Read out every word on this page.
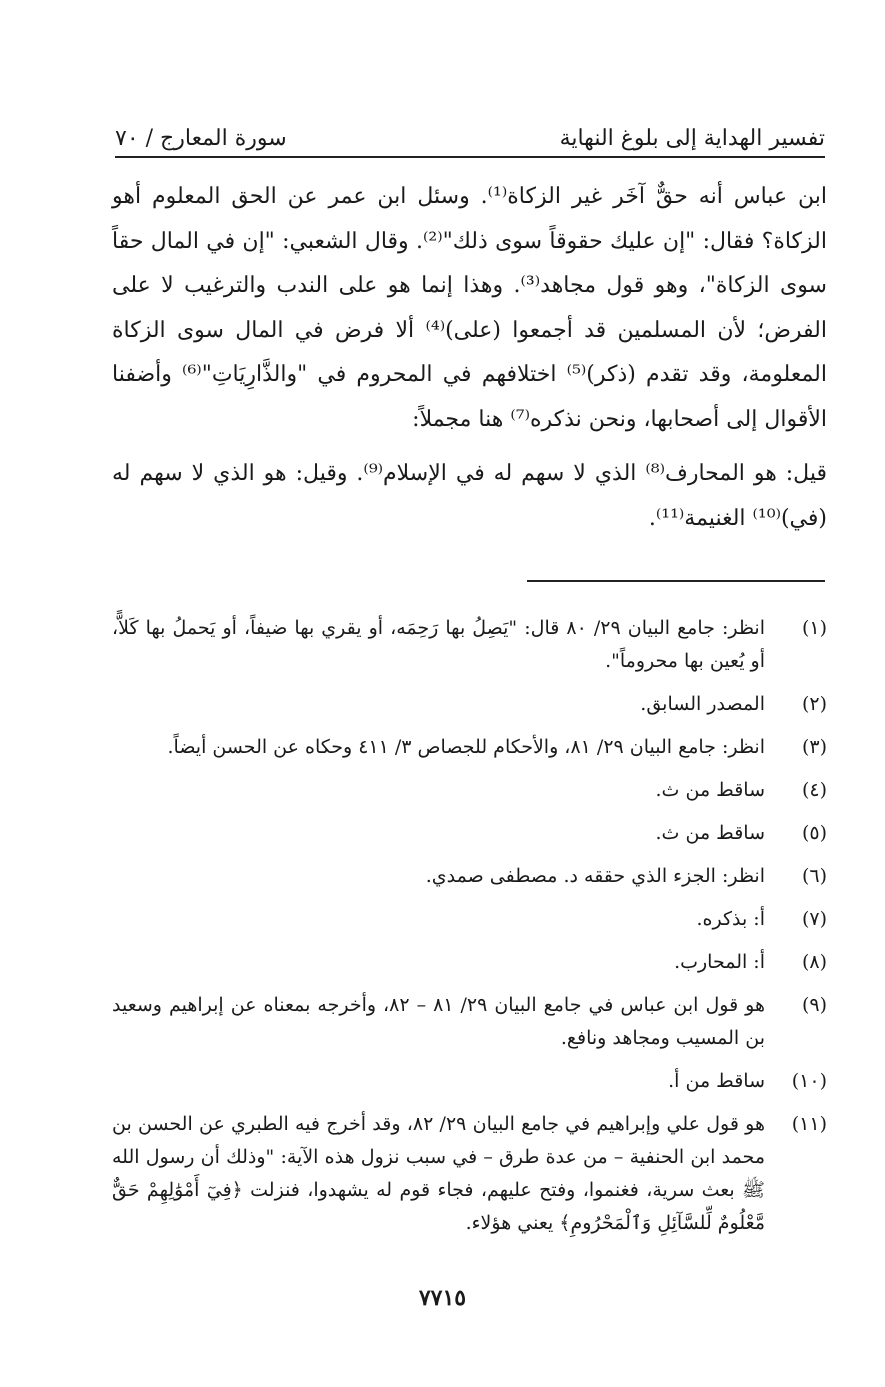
تفسير الهداية إلى بلوغ النهاية
سورة المعارج / ٧٠

ابن عباس أنه حقٌّ آخَر غير الزكاة⁽¹⁾. وسئل ابن عمر عن الحق المعلوم أهو الزكاة؟ فقال: "إن عليك حقوقاً سوى ذلك"⁽²⁾. وقال الشعبي: "إن في المال حقاً سوى الزكاة"، وهو قول مجاهد⁽³⁾. وهذا إنما هو على الندب والترغيب لا على الفرض؛ لأن المسلمين قد أجمعوا (على)⁽⁴⁾ ألا فرض في المال سوى الزكاة المعلومة، وقد تقدم (ذكر)⁽⁵⁾ اختلافهم في المحروم في "والذَّارِيَاتِ"⁽⁶⁾ وأضفنا الأقوال إلى أصحابها، ونحن نذكره⁽⁷⁾ هنا مجملاً:

قيل: هو المحارف⁽⁸⁾ الذي لا سهم له في الإسلام⁽⁹⁾. وقيل: هو الذي لا سهم له (في)⁽¹⁰⁾ الغنيمة⁽¹¹⁾.

(١)
انظر: جامع البيان ٢٩/ ٨٠ قال: "يَصِلُ بها رَحِمَه، أو يقري بها ضيفاً، أو يَحملُ بها كَلاًّ، أو يُعين بها محروماً".
(٢)
المصدر السابق.
(٣)
انظر: جامع البيان ٢٩/ ٨١، والأحكام للجصاص ٣/ ٤١١ وحكاه عن الحسن أيضاً.
(٤)
ساقط من ث.
(٥)
ساقط من ث.
(٦)
انظر: الجزء الذي حققه د. مصطفى صمدي.
(٧)
أ: بذكره.
(٨)
أ: المحارب.
(٩)
هو قول ابن عباس في جامع البيان ٢٩/ ٨١ – ٨٢، وأخرجه بمعناه عن إبراهيم وسعيد بن المسيب ومجاهد ونافع.
(١٠)
ساقط من أ.
(١١)
هو قول علي وإبراهيم في جامع البيان ٢٩/ ٨٢، وقد أخرج فيه الطبري عن الحسن بن محمد ابن الحنفية – من عدة طرق – في سبب نزول هذه الآية: "وذلك أن رسول الله ﷺ بعث سرية، فغنموا، وفتح عليهم، فجاء قوم له يشهدوا، فنزلت ﴿فِيٓ أَمْوَٰلِهِمْ حَقٌّ مَّعْلُومٌ لِّلسَّآئِلِ وَٱلْمَحْرُومِ﴾ يعني هؤلاء.
٧٧١٥
